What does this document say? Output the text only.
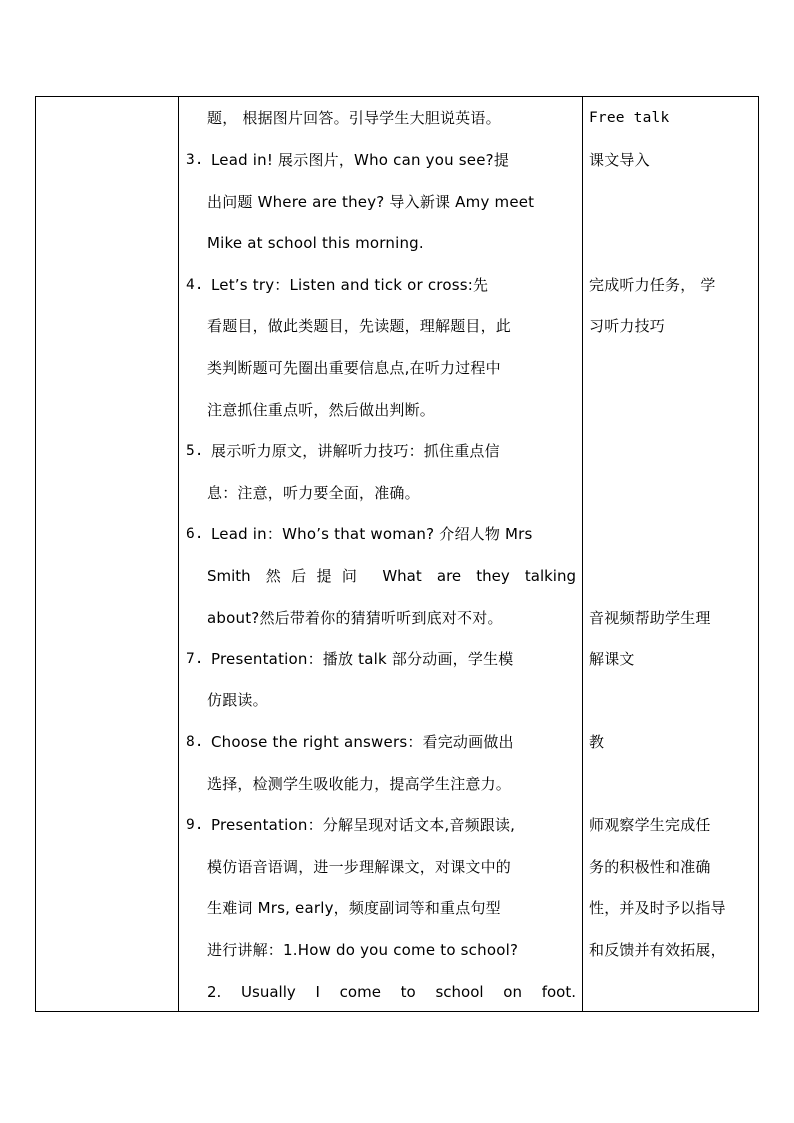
题， 根据图片回答。引导学生大胆说英语。
3. Lead in! 展示图片，Who can you see?提
出问题 Where are they? 导入新课 Amy meet
Mike at school this morning.
4. Let’s try：Listen and tick or cross:先
看题目，做此类题目，先读题，理解题目，此
类判断题可先圈出重要信息点,在听力过程中
注意抓住重点听，然后做出判断。
5. 展示听力原文，讲解听力技巧：抓住重点信
息：注意，听力要全面，准确。
6. Lead in：Who’s that woman? 介绍人物 Mrs
Smith 然后提问 What are they talking
about?然后带着你的猜猜听听到底对不对。
7. Presentation：播放 talk 部分动画，学生模
仿跟读。
8. Choose the right answers：看完动画做出
选择，检测学生吸收能力，提高学生注意力。
9. Presentation：分解呈现对话文本,音频跟读,
模仿语音语调，进一步理解课文，对课文中的
生难词 Mrs, early，频度副词等和重点句型
进行讲解：1.How do you come to school?
2. Usually I come to school on foot.
Free talk
课文导入
完成听力任务， 学
习听力技巧
音视频帮助学生理
解课文
教
师观察学生完成任
务的积极性和准确
性，并及时予以指导
和反馈并有效拓展，
